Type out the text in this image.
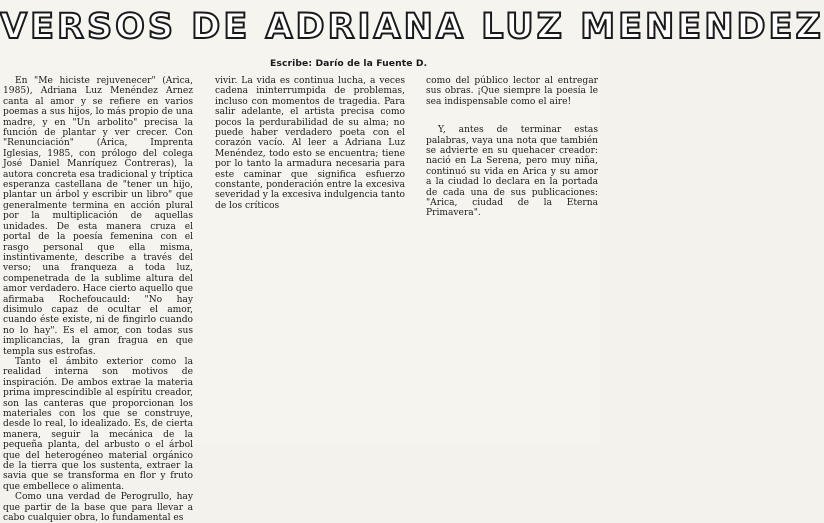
VERSOS DE ADRIANA LUZ MENENDEZ
Escribe: Darío de la Fuente D.

En "Me hiciste rejuvenecer" (Arica, 1985), Adriana Luz Menéndez Arnez canta al amor y se refiere en varios poemas a sus hijos, lo más propio de una madre, y en "Un arbolito" precisa la función de plantar y ver crecer. Con "Renunciación" (Arica, Imprenta Iglesias, 1985, con prólogo del colega José Daniel Manríquez Contreras), la autora concreta esa tradicional y tríptica esperanza castellana de "tener un hijo, plantar un árbol y escribir un libro" que generalmente termina en acción plural por la multiplicación de aquellas unidades. De esta manera cruza el portal de la poesía femenina con el rasgo personal que ella misma, instintivamente, describe a través del verso; una franqueza a toda luz, compenetrada de la sublime altura del amor verdadero. Hace cierto aquello que afirmaba Rochefoucauld: "No hay disimulo capaz de ocultar el amor, cuando éste existe, ni de fingirlo cuando no lo hay". Es el amor, con todas sus implicancias, la gran fragua en que templa sus estrofas.

Tanto el ámbito exterior como la realidad interna son motivos de inspiración. De ambos extrae la materia prima imprescindible al espíritu creador, son las canteras que proporcionan los materiales con los que se construye, desde lo real, lo idealizado. Es, de cierta manera, seguir la mecánica de la pequeña planta, del arbusto o el árbol que del heterogéneo material orgánico de la tierra que los sustenta, extraer la savia que se transforma en flor y fruto que embellece o alimenta.

Como una verdad de Perogrullo, hay que partir de la base que para llevar a cabo cualquier obra, lo fundamental es

vivir. La vida es continua lucha, a veces cadena ininterrumpida de problemas, incluso con momentos de tragedia. Para salir adelante, el artista precisa como pocos la perdurabilidad de su alma; no puede haber verdadero poeta con el corazón vacío. Al leer a Adriana Luz Menéndez, todo esto se encuentra; tiene por lo tanto la armadura necesaria para este caminar que significa esfuerzo constante, ponderación entre la excesiva severidad y la excesiva indulgencia tanto de los críticos

como del público lector al entregar sus obras. ¡Que siempre la poesía le sea indispensable como el aire!

Y, antes de terminar estas palabras, vaya una nota que también se advierte en su quehacer creador: nació en La Serena, pero muy niña, continuó su vida en Arica y su amor a la ciudad lo declara en la portada de cada una de sus publicaciones: "Arica, ciudad de la Eterna Primavera".
